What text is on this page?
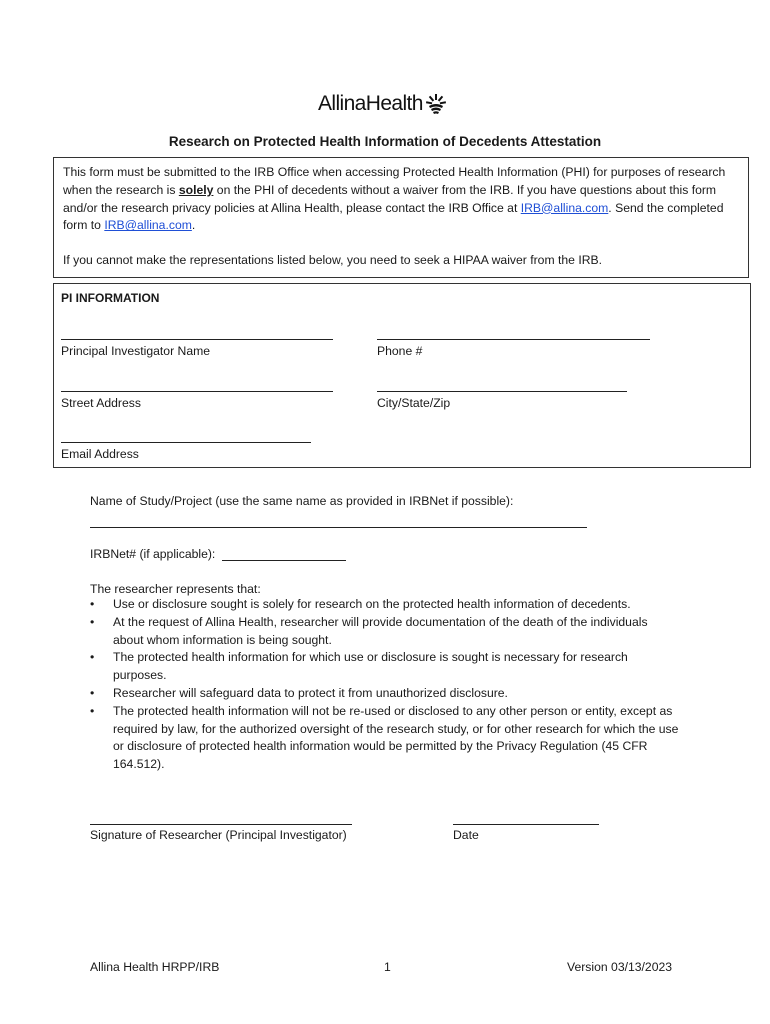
AllinaHealth
Research on Protected Health Information of Decedents Attestation

This form must be submitted to the IRB Office when accessing Protected Health Information (PHI) for purposes of research when the research is solely on the PHI of decedents without a waiver from the IRB. If you have questions about this form and/or the research privacy policies at Allina Health, please contact the IRB Office at IRB@allina.com. Send the completed form to IRB@allina.com.

If you cannot make the representations listed below, you need to seek a HIPAA waiver from the IRB.

PI INFORMATION
Principal Investigator Name	Phone #
Street Address	City/State/Zip
Email Address
Name of Study/Project (use the same name as provided in IRBNet if possible):
IRBNet# (if applicable):
The researcher represents that:
• Use or disclosure sought is solely for research on the protected health information of decedents.
• At the request of Allina Health, researcher will provide documentation of the death of the individuals about whom information is being sought.
• The protected health information for which use or disclosure is sought is necessary for research purposes.
• Researcher will safeguard data to protect it from unauthorized disclosure.
• The protected health information will not be re-used or disclosed to any other person or entity, except as required by law, for the authorized oversight of the research study, or for other research for which the use or disclosure of protected health information would be permitted by the Privacy Regulation (45 CFR 164.512).
Signature of Researcher (Principal Investigator)	Date
Allina Health HRPP/IRB	1	Version 03/13/2023
